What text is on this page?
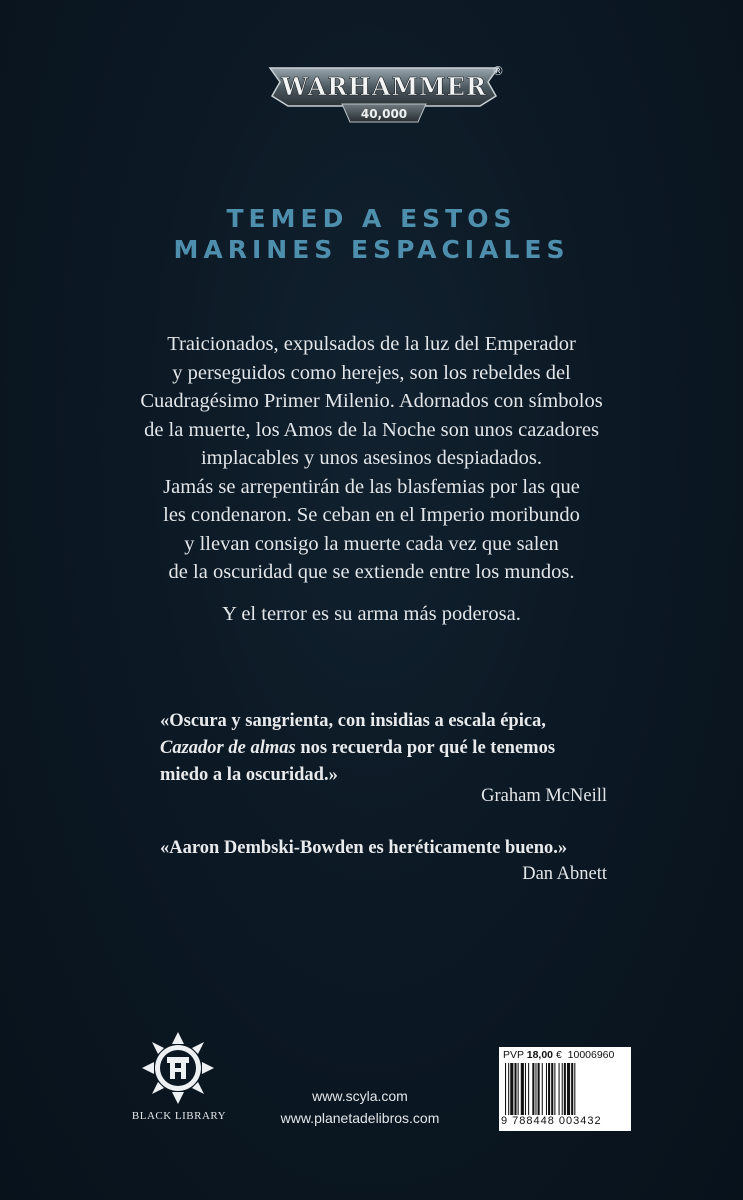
WARHAMMER
40,000
®
TEMED A ESTOS
MARINES ESPACIALES
Traicionados, expulsados de la luz del Emperador
y perseguidos como herejes, son los rebeldes del
Cuadragésimo Primer Milenio. Adornados con símbolos
de la muerte, los Amos de la Noche son unos cazadores
implacables y unos asesinos despiadados.
Jamás se arrepentirán de las blasfemias por las que
les condenaron. Se ceban en el Imperio moribundo
y llevan consigo la muerte cada vez que salen
de la oscuridad que se extiende entre los mundos.
Y el terror es su arma más poderosa.
«Oscura y sangrienta, con insidias a escala épica,
Cazador de almas nos recuerda por qué le tenemos
miedo a la oscuridad.»
Graham McNeill
«Aaron Dembski-Bowden es heréticamente bueno.»
Dan Abnett
BLACK LIBRARY
www.scyla.com
www.planetadelibros.com
PVP 18,00 € 10006960
9 788448 003432
